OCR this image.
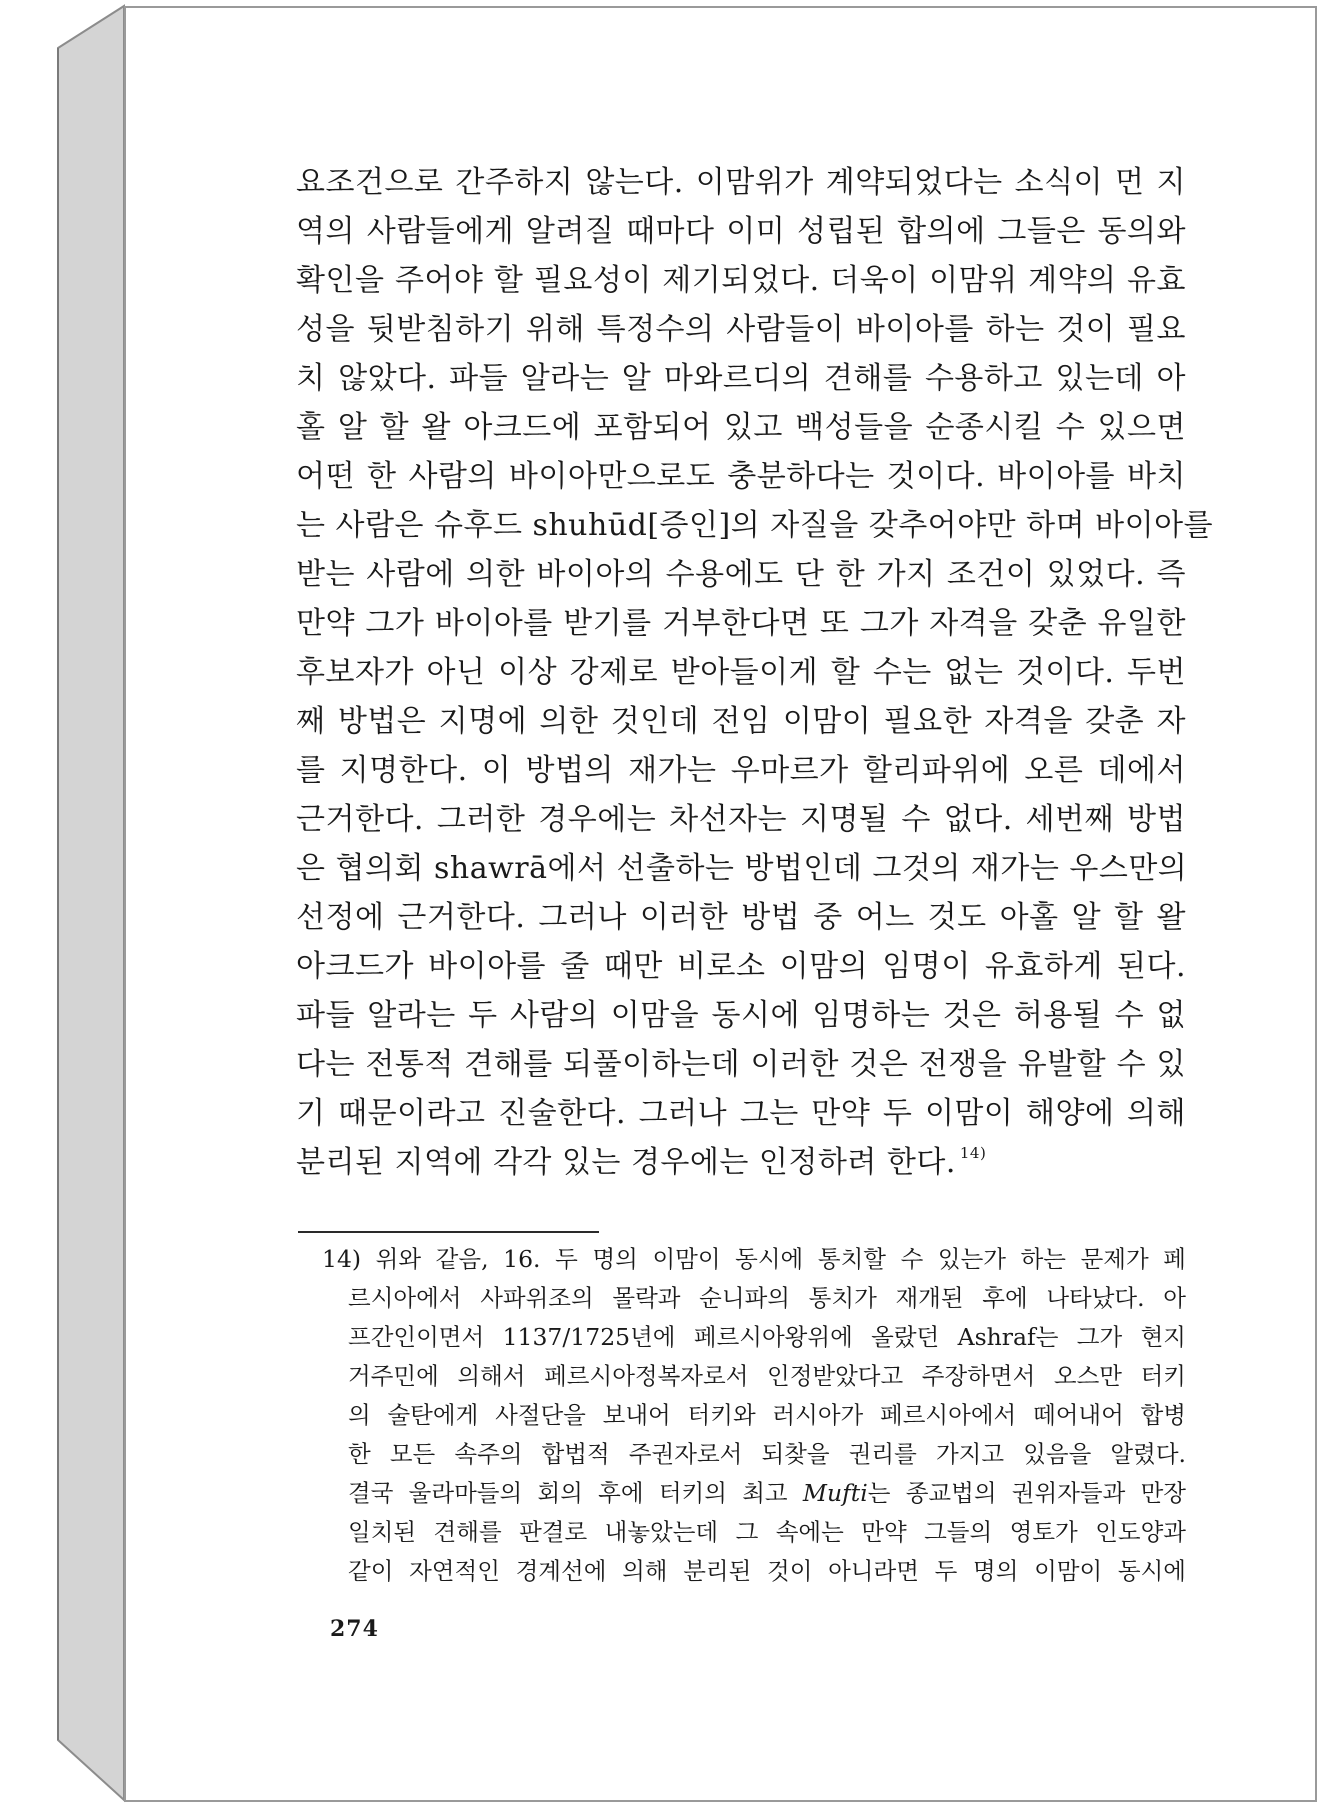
요조건으로 간주하지 않는다. 이맘위가 계약되었다는 소식이 먼 지
역의 사람들에게 알려질 때마다 이미 성립된 합의에 그들은 동의와
확인을 주어야 할 필요성이 제기되었다. 더욱이 이맘위 계약의 유효
성을 뒷받침하기 위해 특정수의 사람들이 바이아를 하는 것이 필요
치 않았다. 파들 알라는 알 마와르디의 견해를 수용하고 있는데 아
홀 알 할 왈 아크드에 포함되어 있고 백성들을 순종시킬 수 있으면
어떤 한 사람의 바이아만으로도 충분하다는 것이다. 바이아를 바치
는 사람은 슈후드 shuhūd[증인]의 자질을 갖추어야만 하며 바이아를
받는 사람에 의한 바이아의 수용에도 단 한 가지 조건이 있었다. 즉
만약 그가 바이아를 받기를 거부한다면 또 그가 자격을 갖춘 유일한
후보자가 아닌 이상 강제로 받아들이게 할 수는 없는 것이다. 두번
째 방법은 지명에 의한 것인데 전임 이맘이 필요한 자격을 갖춘 자
를 지명한다. 이 방법의 재가는 우마르가 할리파위에 오른 데에서
근거한다. 그러한 경우에는 차선자는 지명될 수 없다. 세번째 방법
은 협의회 shawrā에서 선출하는 방법인데 그것의 재가는 우스만의
선정에 근거한다. 그러나 이러한 방법 중 어느 것도 아홀 알 할 왈
아크드가 바이아를 줄 때만 비로소 이맘의 임명이 유효하게 된다.
파들 알라는 두 사람의 이맘을 동시에 임명하는 것은 허용될 수 없
다는 전통적 견해를 되풀이하는데 이러한 것은 전쟁을 유발할 수 있
기 때문이라고 진술한다. 그러나 그는 만약 두 이맘이 해양에 의해
분리된 지역에 각각 있는 경우에는 인정하려 한다. $^{14)}$
14) 위와 같음, 16. 두 명의 이맘이 동시에 통치할 수 있는가 하는 문제가 페
르시아에서 사파위조의 몰락과 순니파의 통치가 재개된 후에 나타났다. 아
프간인이면서 1137/1725년에 페르시아왕위에 올랐던 Ashraf는 그가 현지
거주민에 의해서 페르시아정복자로서 인정받았다고 주장하면서 오스만 터키
의 술탄에게 사절단을 보내어 터키와 러시아가 페르시아에서 떼어내어 합병
한 모든 속주의 합법적 주권자로서 되찾을 권리를 가지고 있음을 알렸다.
결국 울라마들의 회의 후에 터키의 최고 Mufti는 종교법의 권위자들과 만장
일치된 견해를 판결로 내놓았는데 그 속에는 만약 그들의 영토가 인도양과
같이 자연적인 경계선에 의해 분리된 것이 아니라면 두 명의 이맘이 동시에
274
